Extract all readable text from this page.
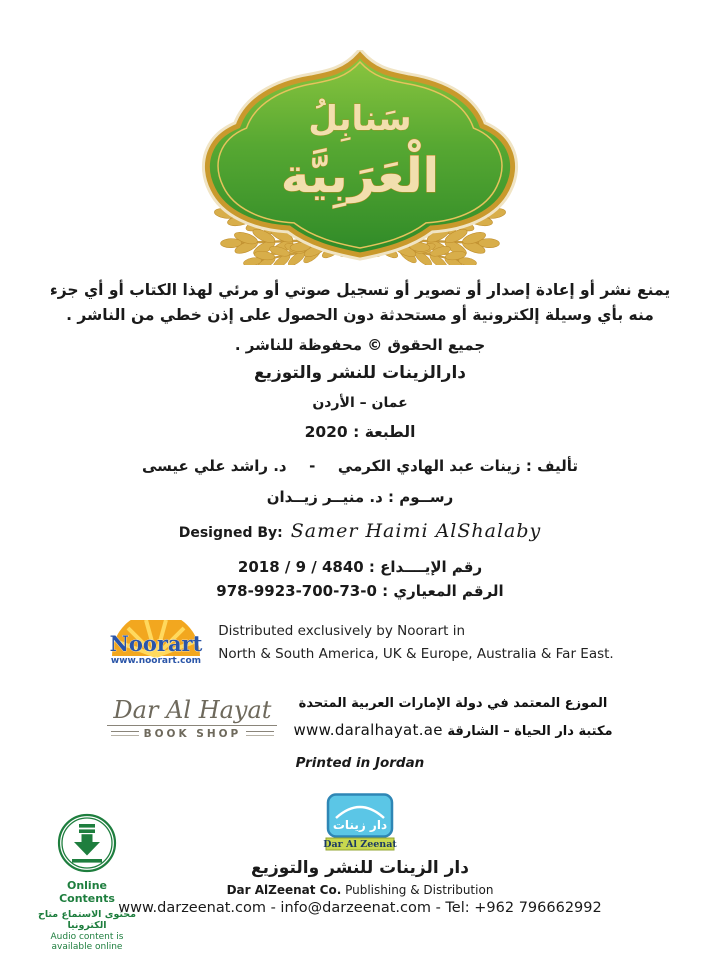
سَنابِلُ
الْعَرَبِيَّة
يمنع نشر أو إعادة إصدار أو تصوير أو تسجيل صوتي أو مرئي لهذا الكتاب أو أي جزء
منه بأي وسيلة إلكترونية أو مستحدثة دون الحصول على إذن خطي من الناشر .
جميع الحقوق © محفوظة للناشر .
دارالزينات للنشر والتوزيع
عمان – الأردن
الطبعة : 2020
تأليف : زينات عبد الهادي الكرمي  -  د. راشد علي عيسى
رســوم : د. منيــر زيــدان
Designed By: Samer Haimi AlShalaby
رقم الإيــــداع : 4840 / 9 / 2018
الرقم المعياري : 978-9923-700-73-0
Noorart
www.noorart.com
Distributed exclusively by Noorart in
North & South America, UK & Europe, Australia & Far East.
Dar Al Hayat
BOOK SHOP
الموزع المعتمد في دولة الإمارات العربية المتحدة
مكتبة دار الحياة – الشارقة www.daralhayat.ae
Printed in Jordan
دار زينات
Dar Al Zeenat
دار الزينات للنشر والتوزيع
Dar AlZeenat Co. Publishing & Distribution
www.darzeenat.com - info@darzeenat.com - Tel: +962 796662992
Online
Contents
محتوى الاستماع متاح الكترونيا
Audio content is available online
